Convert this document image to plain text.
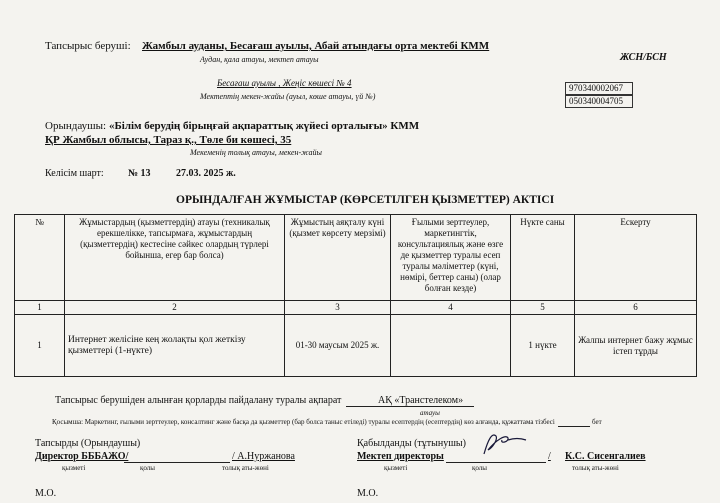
Тапсырыс беруші: Жамбыл ауданы, Бесағаш ауылы, Абай атындағы орта мектебі КММ
Аудан, қала атауы, мектеп атауы	ЖСН/БСН
Бесағаш ауылы , Жеңіс көшесі № 4
Мектептің мекен-жайы (ауыл, көше атауы, үй №)
970340002067
050340004705
Орындаушы: «Білім берудің бірыңғай ақпараттық жүйесі орталығы» КММ
ҚР Жамбыл облысы, Тараз қ., Төле би көшесі, 35
Мекеменің толық атауы, мекен-жайы
Келісім шарт: № 13	27.03. 2025 ж.
ОРЫНДАЛҒАН ЖҰМЫСТАР (КӨРСЕТІЛГЕН ҚЫЗМЕТТЕР) АКТІСІ
№	Жұмыстардың (қызметтердің) атауы (техникалық ерекшелікке, тапсырмаға, жұмыстардың (қызметтердің) кестесіне сәйкес олардың түрлері бойынша, егер бар болса)	Жұмыстың аяқталу күні (қызмет көрсету мерзімі)	Ғылыми зерттеулер, маркетингтік, консультациялық және өзге де қызметтер туралы есеп туралы мәліметтер (күні, нөмірі, беттер саны) (олар болған кезде)	Нүкте саны	Ескерту
1	2	3	4	5	6
1	Интернет желісіне кең жолақты қол жеткізу қызметтері (1-нүкте)	01-30 маусым 2025 ж.		1 нүкте	Жалпы интернет бажу жұмыс істеп тұрды
Тапсырыс берушіден алынған қорларды пайдалану туралы ақпарат	АҚ «Транстелеком»
атауы
Қосымша: Маркетинг, ғылыми зерттеулер, консалтинг және басқа да қызметтер (бар болса таныс етіледі) туралы есептердің (есептердің) көз алғанда, құжаттама тізбесі	бет
Тапсырды (Орындаушы)
Директор БББАЖО/	/ А.Нуржанова
қызметі	қолы	толық аты-жөні
М.О.
Қабылданды (тұтынушы)
Мектеп директоры	/ К.С. Сисенгалиев
қызметі	қолы	толық аты-жөні
М.О.
